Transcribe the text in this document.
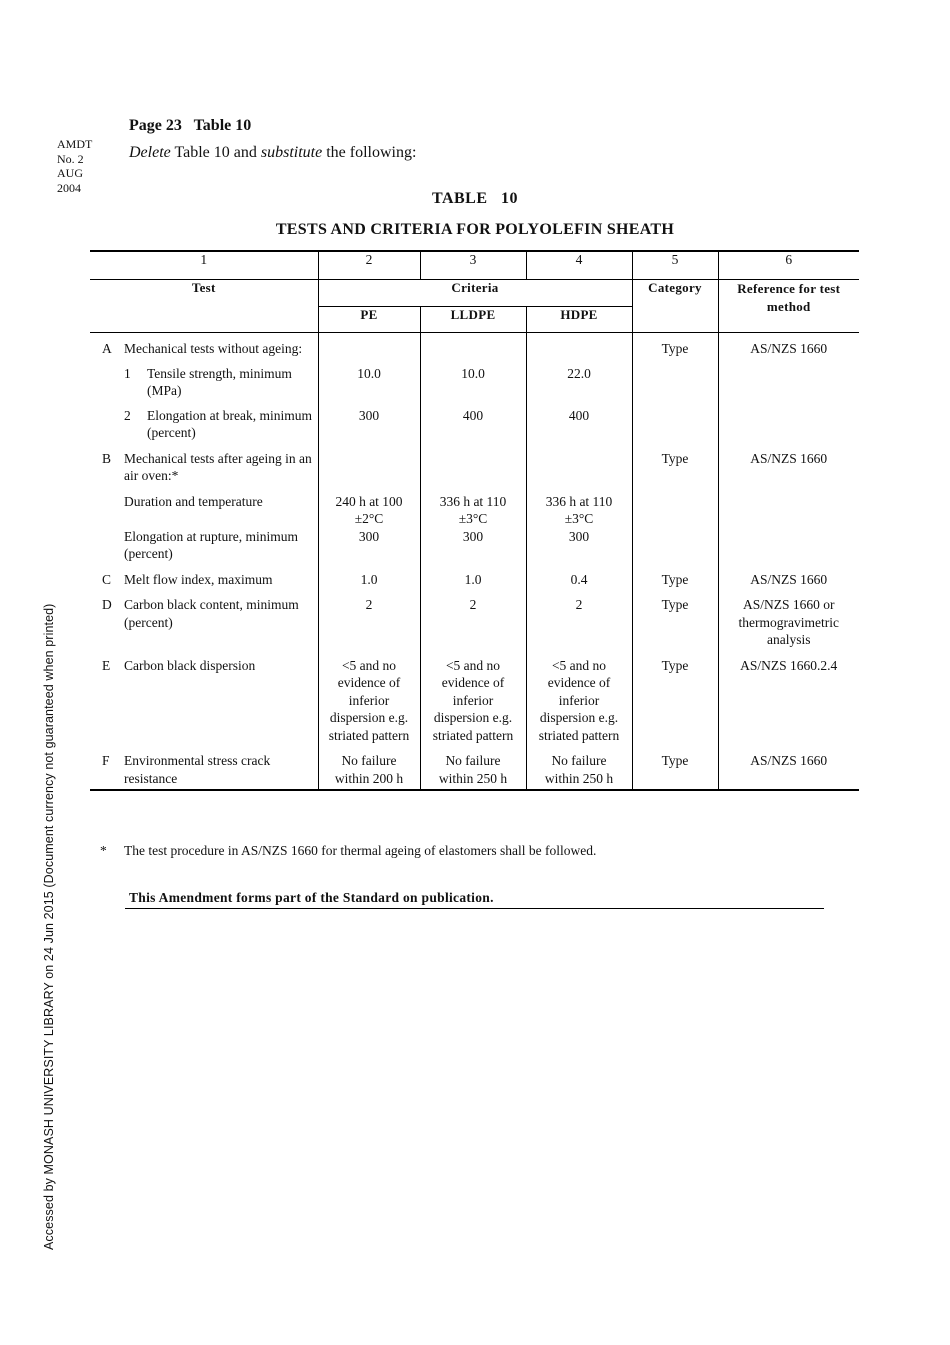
Accessed by MONASH UNIVERSITY LIBRARY on 24 Jun 2015 (Document currency not guaranteed when printed)
AMDT
No. 2
AUG
2004
Page 23   Table 10
Delete Table 10 and substitute the following:
TABLE   10
TESTS AND CRITERIA FOR POLYOLEFIN SHEATH
1	2	3	4	5	6
Test	Criteria			Category	Reference for test method
	PE	LLDPE	HDPE		

A Mechanical tests without ageing:				Type	AS/NZS 1660

1 Tensile strength, minimum (MPa)	10.0	10.0	22.0		

2 Elongation at break, minimum (percent)	300	400	400		

B Mechanical tests after ageing in an air oven:*				Type	AS/NZS 1660

Duration and temperature	240 h at 100 ±2°C	336 h at 110 ±3°C	336 h at 110 ±3°C		

Elongation at rupture, minimum (percent)	300	300	300		

C Melt flow index, maximum	1.0	1.0	0.4	Type	AS/NZS 1660

D Carbon black content, minimum (percent)	2	2	2	Type	AS/NZS 1660 or thermogravimetric analysis

E Carbon black dispersion	<5 and no evidence of inferior dispersion e.g. striated pattern	<5 and no evidence of inferior dispersion e.g. striated pattern	<5 and no evidence of inferior dispersion e.g. striated pattern	Type	AS/NZS 1660.2.4

F Environmental stress crack resistance	No failure within 200 h	No failure within 250 h	No failure within 250 h	Type	AS/NZS 1660
* The test procedure in AS/NZS 1660 for thermal ageing of elastomers shall be followed.
This Amendment forms part of the Standard on publication.
